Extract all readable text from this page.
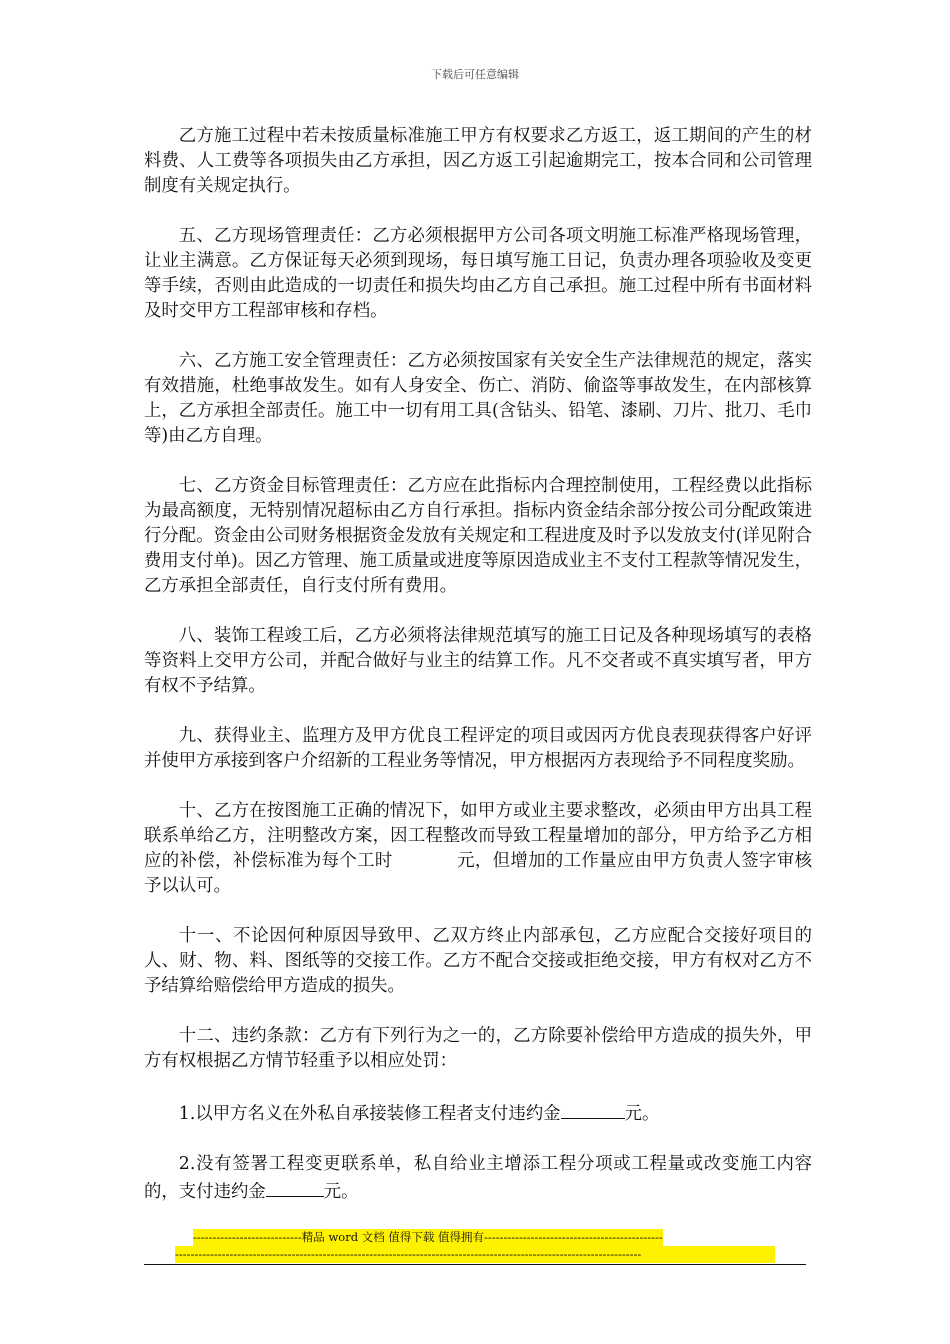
下载后可任意编辑

乙方施工过程中若未按质量标准施工甲方有权要求乙方返工，返工期间的产生的材料费、人工费等各项损失由乙方承担，因乙方返工引起逾期完工，按本合同和公司管理制度有关规定执行。

五、乙方现场管理责任：乙方必须根据甲方公司各项文明施工标准严格现场管理，让业主满意。乙方保证每天必须到现场，每日填写施工日记，负责办理各项验收及变更等手续，否则由此造成的一切责任和损失均由乙方自己承担。施工过程中所有书面材料及时交甲方工程部审核和存档。

六、乙方施工安全管理责任：乙方必须按国家有关安全生产法律规范的规定，落实有效措施，杜绝事故发生。如有人身安全、伤亡、消防、偷盗等事故发生，在内部核算上，乙方承担全部责任。施工中一切有用工具(含钻头、铅笔、漆刷、刀片、批刀、毛巾等)由乙方自理。

七、乙方资金目标管理责任：乙方应在此指标内合理控制使用，工程经费以此指标为最高额度，无特别情况超标由乙方自行承担。指标内资金结余部分按公司分配政策进行分配。资金由公司财务根据资金发放有关规定和工程进度及时予以发放支付(详见附合费用支付单)。因乙方管理、施工质量或进度等原因造成业主不支付工程款等情况发生，乙方承担全部责任，自行支付所有费用。

八、装饰工程竣工后，乙方必须将法律规范填写的施工日记及各种现场填写的表格等资料上交甲方公司，并配合做好与业主的结算工作。凡不交者或不真实填写者，甲方有权不予结算。

九、获得业主、监理方及甲方优良工程评定的项目或因丙方优良表现获得客户好评并使甲方承接到客户介绍新的工程业务等情况，甲方根据丙方表现给予不同程度奖励。

十、乙方在按图施工正确的情况下，如甲方或业主要求整改，必须由甲方出具工程联系单给乙方，注明整改方案，因工程整改而导致工程量增加的部分，甲方给予乙方相应的补偿，补偿标准为每个工时	元，但增加的工作量应由甲方负责人签字审核予以认可。

十一、不论因何种原因导致甲、乙双方终止内部承包，乙方应配合交接好项目的人、财、物、料、图纸等的交接工作。乙方不配合交接或拒绝交接，甲方有权对乙方不予结算给赔偿给甲方造成的损失。

十二、违约条款：乙方有下列行为之一的，乙方除要补偿给甲方造成的损失外，甲方有权根据乙方情节轻重予以相应处罚：

1.以甲方名义在外私自承接装修工程者支付违约金	元。

2.没有签署工程变更联系单，私自给业主增添工程分项或工程量或改变施工内容的，支付违约金	元。

----------------------------精品 word 文档 值得下载 值得拥有----------------------------------------------
------------------------------------------------------------------------------------------------------------------------
